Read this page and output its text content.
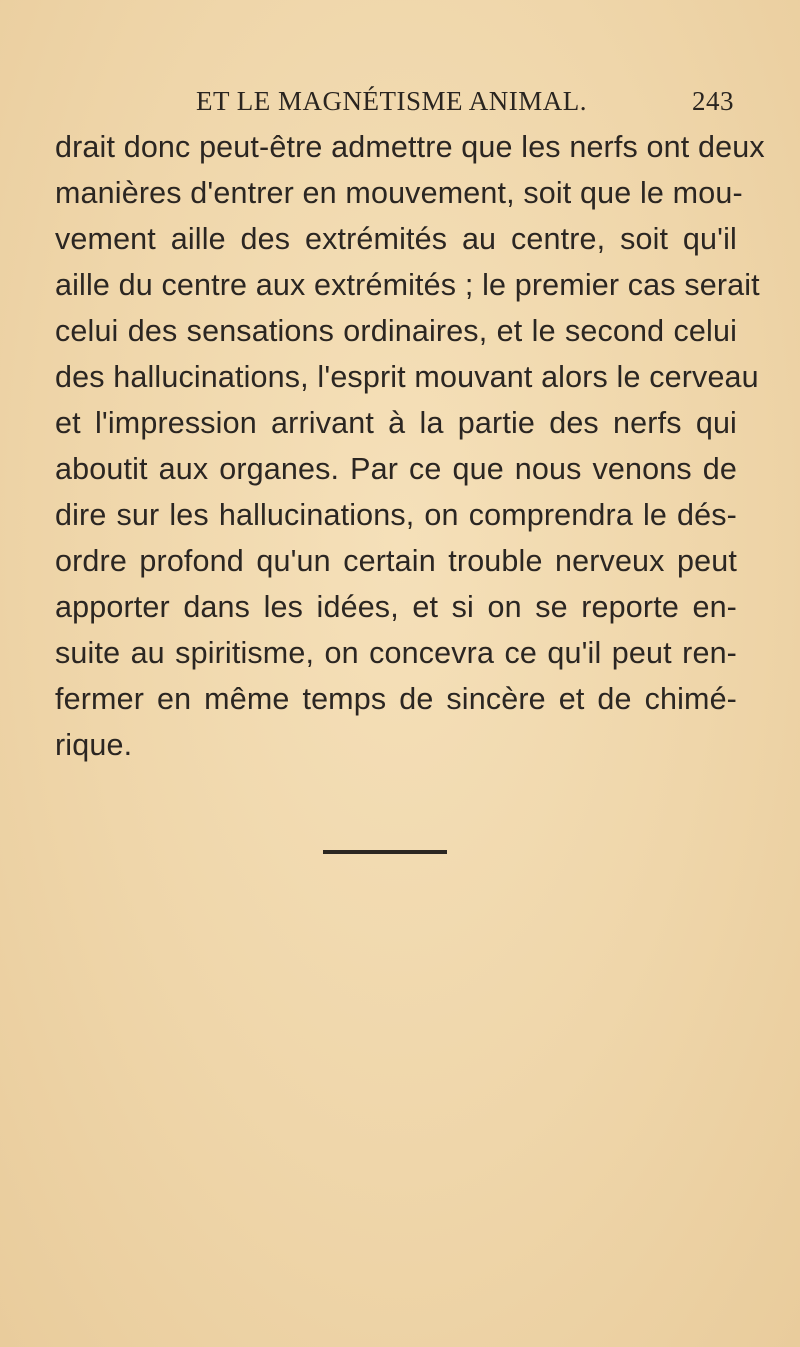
ET LE MAGNÉTISME ANIMAL.	243
drait donc peut-être admettre que les nerfs ont deux
manières d'entrer en mouvement, soit que le mou-
vement aille des extrémités au centre, soit qu'il
aille du centre aux extrémités ; le premier cas serait
celui des sensations ordinaires, et le second celui
des hallucinations, l'esprit mouvant alors le cerveau
et l'impression arrivant à la partie des nerfs qui
aboutit aux organes. Par ce que nous venons de
dire sur les hallucinations, on comprendra le dés-
ordre profond qu'un certain trouble nerveux peut
apporter dans les idées, et si on se reporte en-
suite au spiritisme, on concevra ce qu'il peut ren-
fermer en même temps de sincère et de chimé-
rique.
